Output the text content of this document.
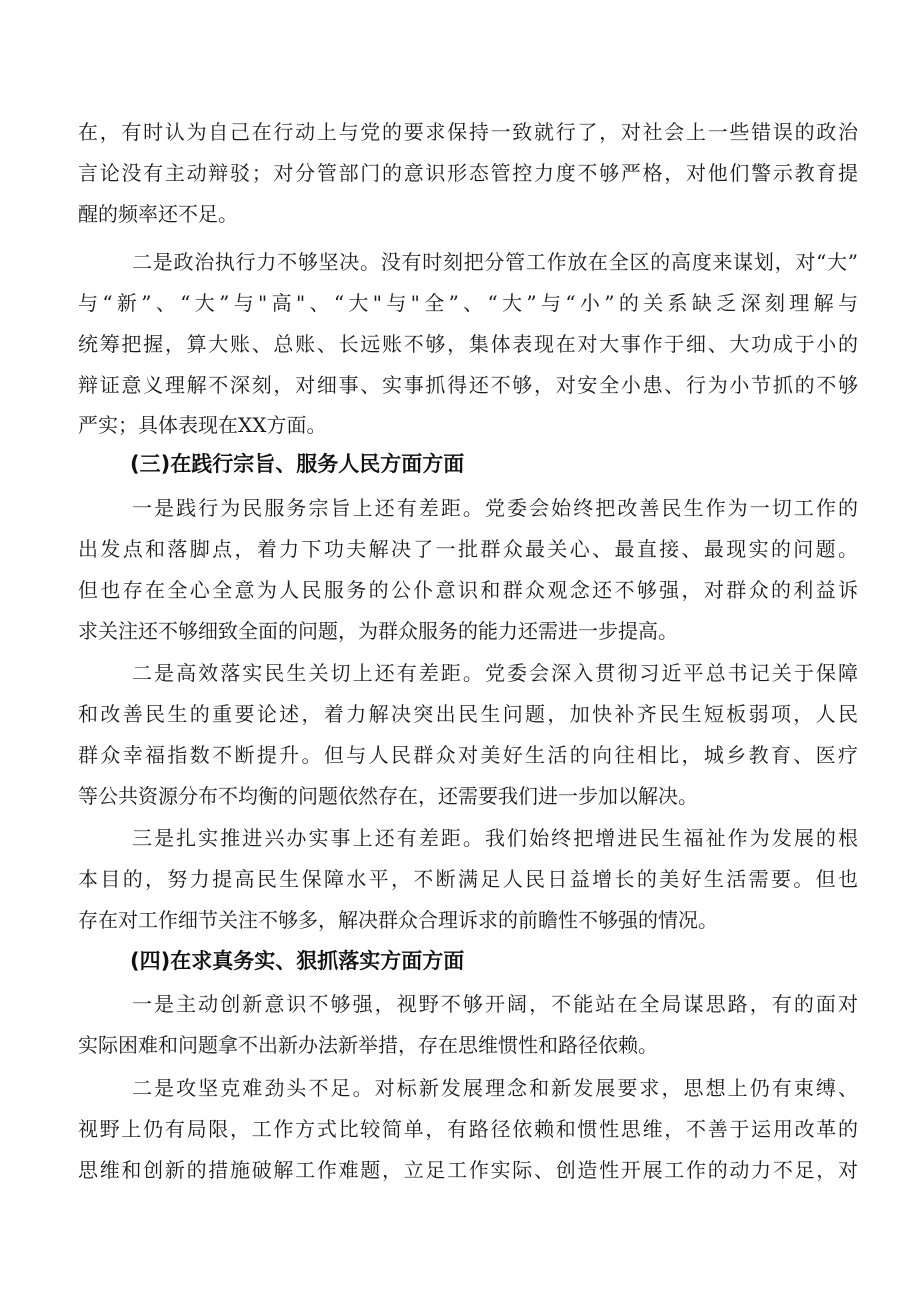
在，有时认为自己在行动上与党的要求保持一致就行了，对社会上一些错误的政治
言论没有主动辩驳；对分管部门的意识形态管控力度不够严格，对他们警示教育提
醒的频率还不足。
二是政治执行力不够坚决。没有时刻把分管工作放在全区的高度来谋划，对“大”
与“新”、“大”与"高"、“大"与"全”、“大”与“小”的关系缺乏深刻理解与
统筹把握，算大账、总账、长远账不够，集体表现在对大事作于细、大功成于小的
辩证意义理解不深刻，对细事、实事抓得还不够，对安全小患、行为小节抓的不够
严实；具体表现在XX方面。
(三)在践行宗旨、服务人民方面方面
一是践行为民服务宗旨上还有差距。党委会始终把改善民生作为一切工作的
出发点和落脚点，着力下功夫解决了一批群众最关心、最直接、最现实的问题。
但也存在全心全意为人民服务的公仆意识和群众观念还不够强，对群众的利益诉
求关注还不够细致全面的问题，为群众服务的能力还需进一步提高。
二是高效落实民生关切上还有差距。党委会深入贯彻习近平总书记关于保障
和改善民生的重要论述，着力解决突出民生问题，加快补齐民生短板弱项，人民
群众幸福指数不断提升。但与人民群众对美好生活的向往相比，城乡教育、医疗
等公共资源分布不均衡的问题依然存在，还需要我们进一步加以解决。
三是扎实推进兴办实事上还有差距。我们始终把增进民生福祉作为发展的根
本目的，努力提高民生保障水平，不断满足人民日益增长的美好生活需要。但也
存在对工作细节关注不够多，解决群众合理诉求的前瞻性不够强的情况。
(四)在求真务实、狠抓落实方面方面
一是主动创新意识不够强，视野不够开阔，不能站在全局谋思路，有的面对
实际困难和问题拿不出新办法新举措，存在思维惯性和路径依赖。
二是攻坚克难劲头不足。对标新发展理念和新发展要求，思想上仍有束缚、
视野上仍有局限，工作方式比较简单，有路径依赖和惯性思维，不善于运用改革的
思维和创新的措施破解工作难题，立足工作实际、创造性开展工作的动力不足，对
